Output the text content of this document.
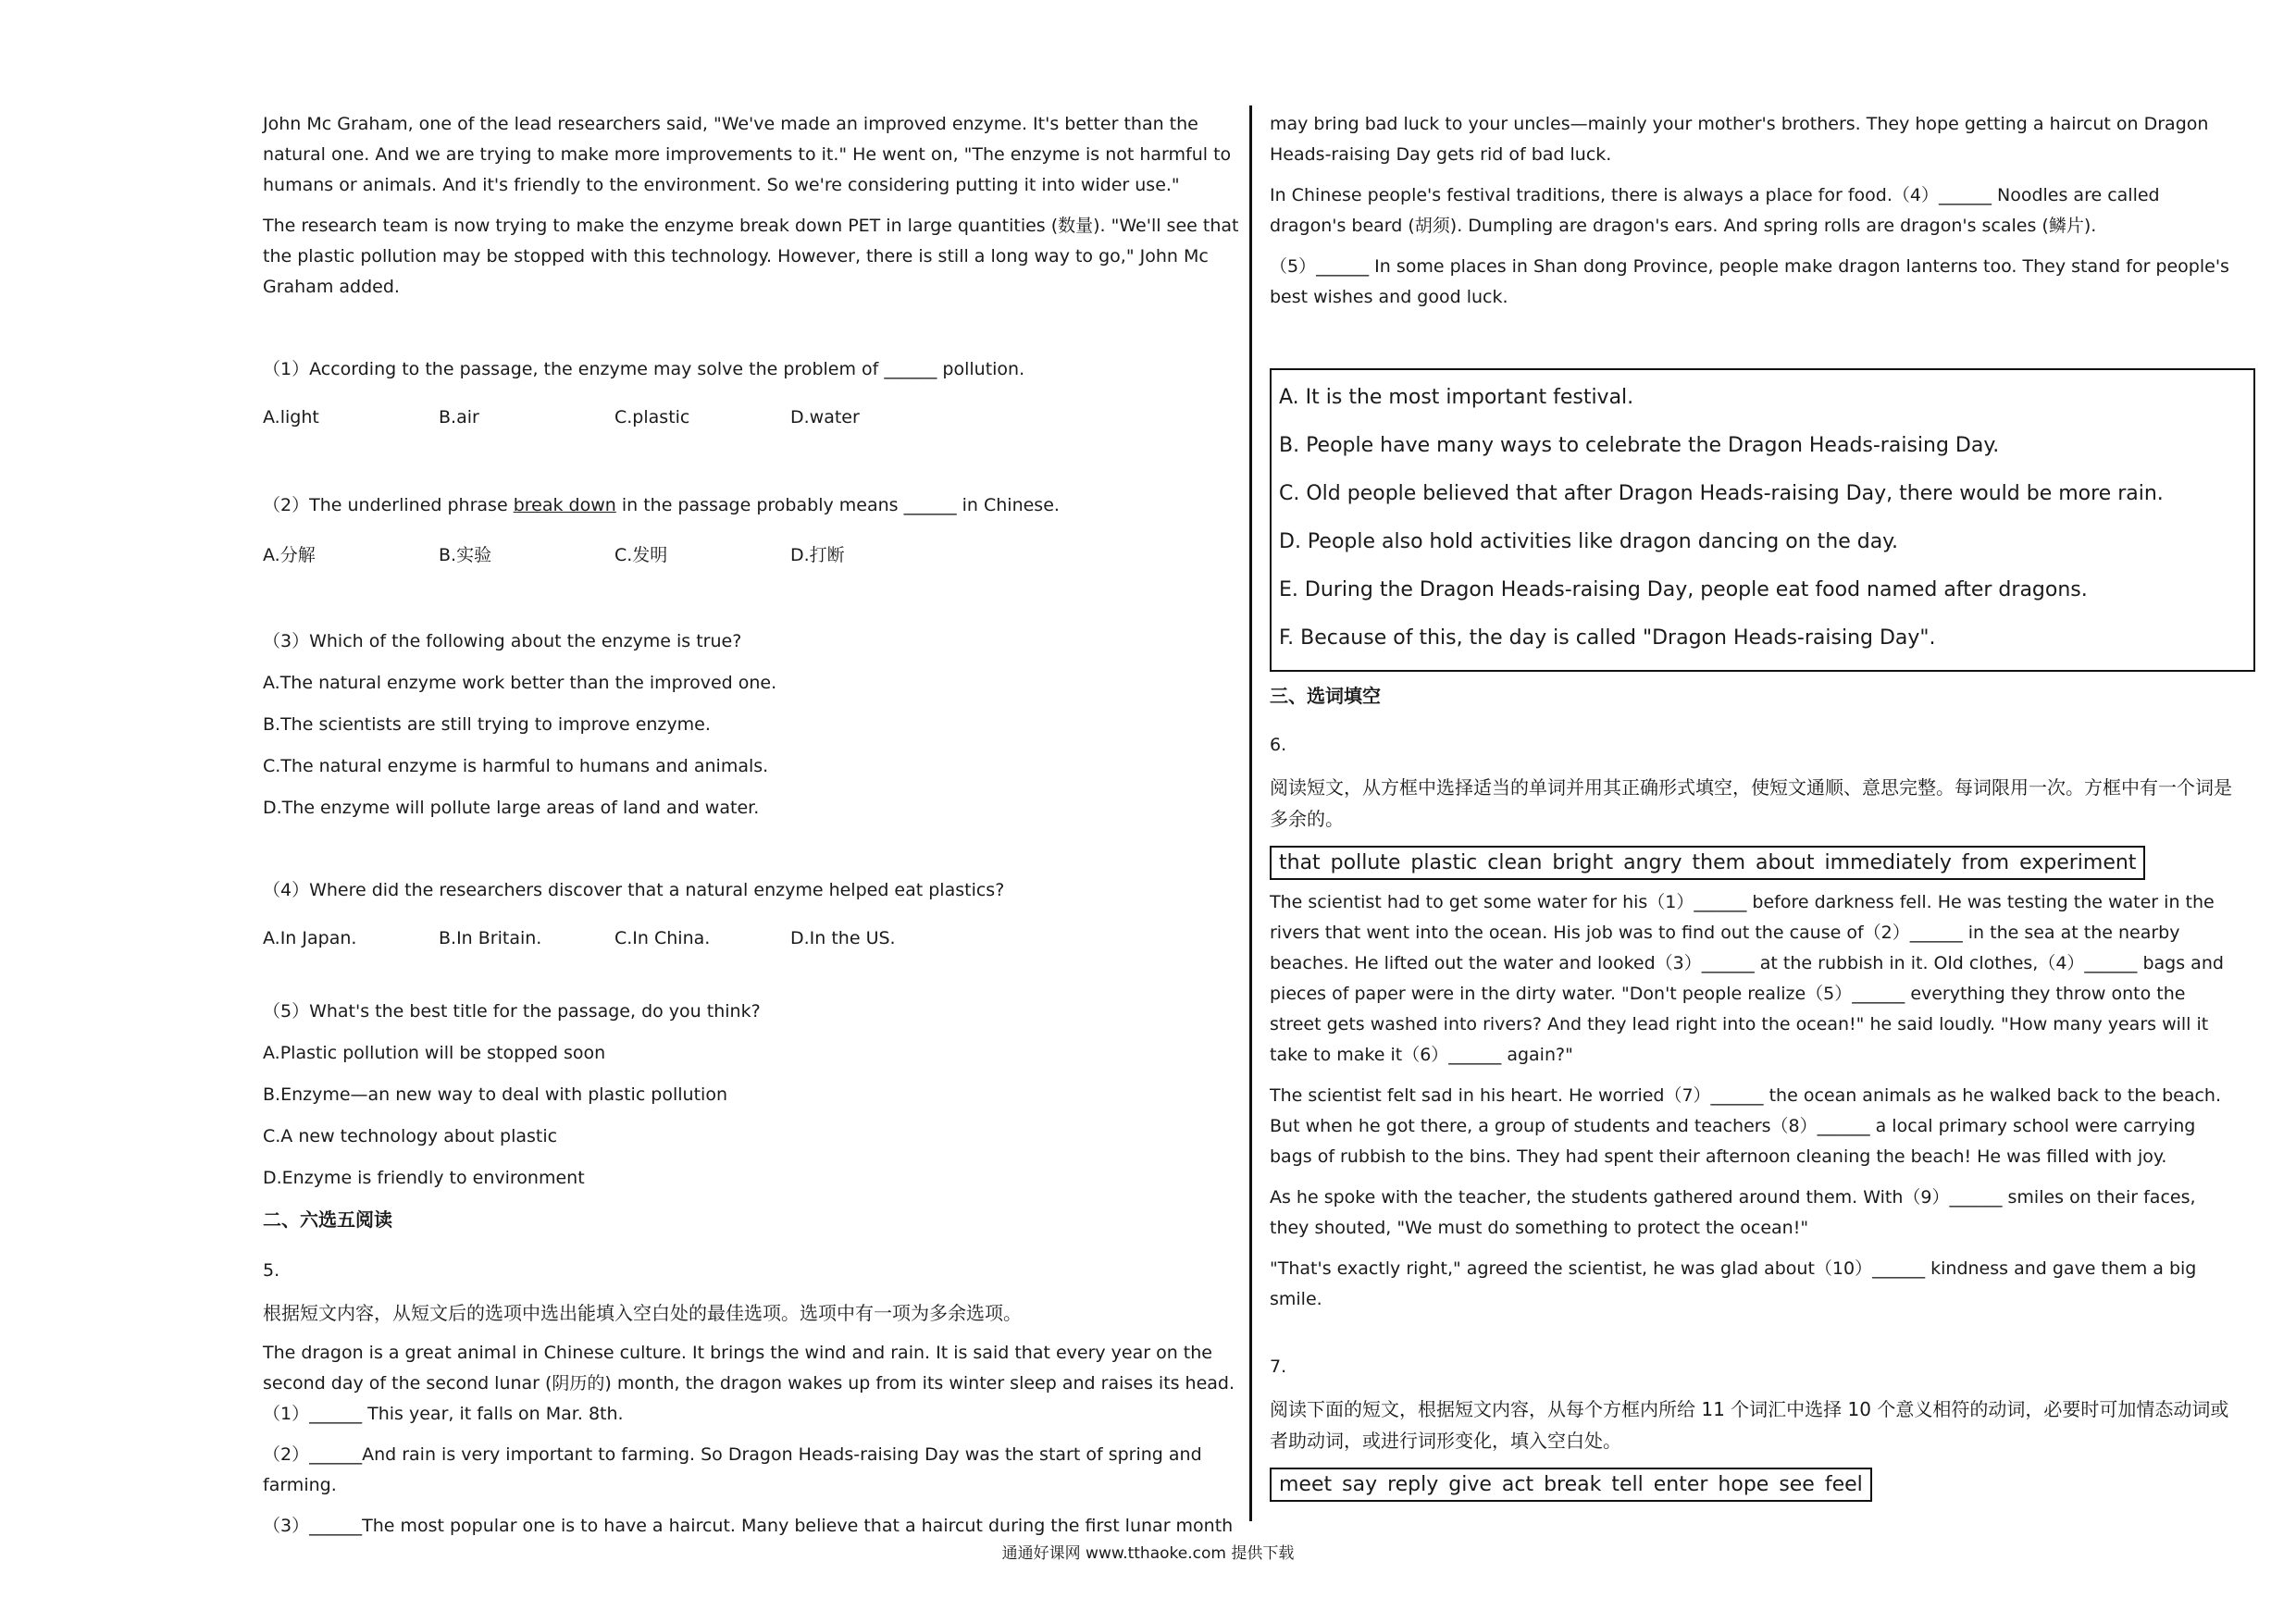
John Mc Graham, one of the lead researchers said, "We've made an improved enzyme. It's better than the natural one. And we are trying to make more improvements to it." He went on, "The enzyme is not harmful to humans or animals. And it's friendly to the environment. So we're considering putting it into wider use."

The research team is now trying to make the enzyme break down PET in large quantities (数量). "We'll see that the plastic pollution may be stopped with this technology. However, there is still a long way to go," John Mc Graham added.

（1）According to the passage, the enzyme may solve the problem of ______ pollution.

A.light	B.air	C.plastic	D.water

（2）The underlined phrase break down in the passage probably means ______ in Chinese.

A.分解	B.实验	C.发明	D.打断

（3）Which of the following about the enzyme is true?

A.The natural enzyme work better than the improved one.

B.The scientists are still trying to improve enzyme.

C.The natural enzyme is harmful to humans and animals.

D.The enzyme will pollute large areas of land and water.

（4）Where did the researchers discover that a natural enzyme helped eat plastics?

A.In Japan.	B.In Britain.	C.In China.	D.In the US.

（5）What's the best title for the passage, do you think?

A.Plastic pollution will be stopped soon

B.Enzyme—an new way to deal with plastic pollution

C.A new technology about plastic

D.Enzyme is friendly to environment

二、六选五阅读

5.

根据短文内容，从短文后的选项中选出能填入空白处的最佳选项。选项中有一项为多余选项。

The dragon is a great animal in Chinese culture. It brings the wind and rain. It is said that every year on the second day of the second lunar (阴历的) month, the dragon wakes up from its winter sleep and raises its head.（1）______ This year, it falls on Mar. 8th.

（2）______And rain is very important to farming. So Dragon Heads-raising Day was the start of spring and farming.

（3）______The most popular one is to have a haircut. Many believe that a haircut during the first lunar month

may bring bad luck to your uncles—mainly your mother's brothers. They hope getting a haircut on Dragon Heads-raising Day gets rid of bad luck.

In Chinese people's festival traditions, there is always a place for food.（4）______ Noodles are called dragon's beard (胡须). Dumpling are dragon's ears. And spring rolls are dragon's scales (鳞片).

（5）______ In some places in Shan dong Province, people make dragon lanterns too. They stand for people's best wishes and good luck.

A. It is the most important festival.
B. People have many ways to celebrate the Dragon Heads-raising Day.
C. Old people believed that after Dragon Heads-raising Day, there would be more rain.
D. People also hold activities like dragon dancing on the day.
E. During the Dragon Heads-raising Day, people eat food named after dragons.
F. Because of this, the day is called "Dragon Heads-raising Day".

三、选词填空

6.

阅读短文，从方框中选择适当的单词并用其正确形式填空，使短文通顺、意思完整。每词限用一次。方框中有一个词是多余的。

that pollute plastic clean bright angry them about immediately from experiment

The scientist had to get some water for his（1）______ before darkness fell. He was testing the water in the rivers that went into the ocean. His job was to find out the cause of（2）______ in the sea at the nearby beaches. He lifted out the water and looked（3）______ at the rubbish in it. Old clothes,（4）______ bags and pieces of paper were in the dirty water. "Don't people realize（5）______ everything they throw onto the street gets washed into rivers? And they lead right into the ocean!" he said loudly. "How many years will it take to make it（6）______ again?"

The scientist felt sad in his heart. He worried（7）______ the ocean animals as he walked back to the beach. But when he got there, a group of students and teachers（8）______ a local primary school were carrying bags of rubbish to the bins. They had spent their afternoon cleaning the beach! He was filled with joy.

As he spoke with the teacher, the students gathered around them. With（9）______ smiles on their faces, they shouted, "We must do something to protect the ocean!"

"That's exactly right," agreed the scientist, he was glad about（10）______ kindness and gave them a big smile.

7.

阅读下面的短文，根据短文内容，从每个方框内所给 11 个词汇中选择 10 个意义相符的动词，必要时可加情态动词或者助动词，或进行词形变化，填入空白处。

meet say reply give act break tell enter hope see feel
通通好课网 www.tthaoke.com 提供下载
